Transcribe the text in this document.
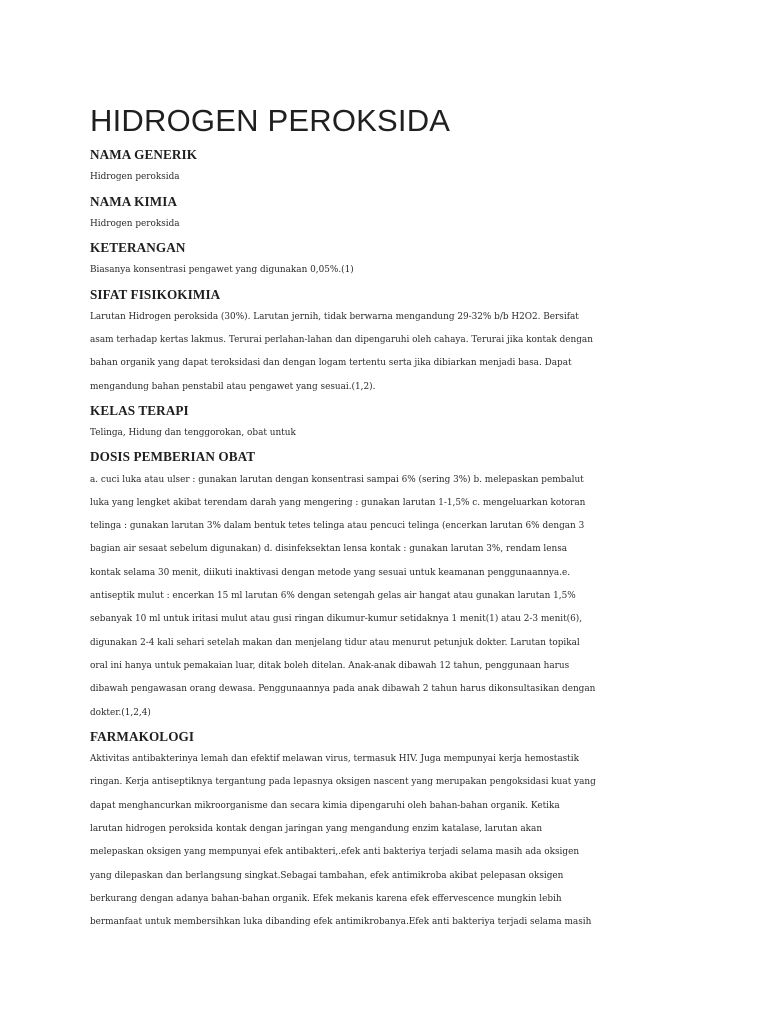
HIDROGEN PEROKSIDA

NAMA GENERIK

Hidrogen peroksida

NAMA KIMIA

Hidrogen peroksida

KETERANGAN

Biasanya konsentrasi pengawet yang digunakan 0,05%.(1)

SIFAT FISIKOKIMIA

Larutan Hidrogen peroksida (30%). Larutan jernih, tidak berwarna mengandung 29-32% b/b H2O2. Bersifat

asam terhadap kertas lakmus. Terurai perlahan-lahan dan dipengaruhi oleh cahaya. Terurai jika kontak dengan

bahan organik yang dapat teroksidasi dan dengan logam tertentu serta jika dibiarkan menjadi basa. Dapat

mengandung bahan penstabil atau pengawet yang sesuai.(1,2).

KELAS TERAPI

Telinga, Hidung dan tenggorokan, obat untuk

DOSIS PEMBERIAN OBAT

a. cuci luka atau ulser : gunakan larutan dengan konsentrasi sampai 6% (sering 3%) b. melepaskan pembalut

luka yang lengket akibat terendam darah yang mengering : gunakan larutan 1-1,5% c. mengeluarkan kotoran

telinga : gunakan larutan 3% dalam bentuk tetes telinga atau pencuci telinga (encerkan larutan 6% dengan 3

bagian air sesaat sebelum digunakan) d. disinfeksektan lensa kontak : gunakan larutan 3%, rendam lensa

kontak selama 30 menit, diikuti inaktivasi dengan metode yang sesuai untuk keamanan penggunaannya.e.

antiseptik mulut : encerkan 15 ml larutan 6% dengan setengah gelas air hangat atau gunakan larutan 1,5%

sebanyak 10 ml untuk iritasi mulut atau gusi ringan dikumur-kumur setidaknya 1 menit(1) atau 2-3 menit(6),

digunakan 2-4 kali sehari setelah makan dan menjelang tidur atau menurut petunjuk dokter. Larutan topikal

oral ini hanya untuk pemakaian luar, ditak boleh ditelan. Anak-anak dibawah 12 tahun, penggunaan harus

dibawah pengawasan orang dewasa. Penggunaannya pada anak dibawah 2 tahun harus dikonsultasikan dengan

dokter.(1,2,4)

FARMAKOLOGI

Aktivitas antibakterinya lemah dan efektif melawan virus, termasuk HIV. Juga mempunyai kerja hemostastik

ringan. Kerja antiseptiknya tergantung pada lepasnya oksigen nascent yang merupakan pengoksidasi kuat yang

dapat menghancurkan mikroorganisme dan secara kimia dipengaruhi oleh bahan-bahan organik. Ketika

larutan hidrogen peroksida kontak dengan jaringan yang mengandung enzim katalase, larutan akan

melepaskan oksigen yang mempunyai efek antibakteri,.efek anti bakteriya terjadi selama masih ada oksigen

yang dilepaskan dan berlangsung singkat.Sebagai tambahan, efek antimikroba akibat pelepasan oksigen

berkurang dengan adanya bahan-bahan organik. Efek mekanis karena efek effervescence mungkin lebih

bermanfaat untuk membersihkan luka dibanding efek antimikrobanya.Efek anti bakteriya terjadi selama masih
